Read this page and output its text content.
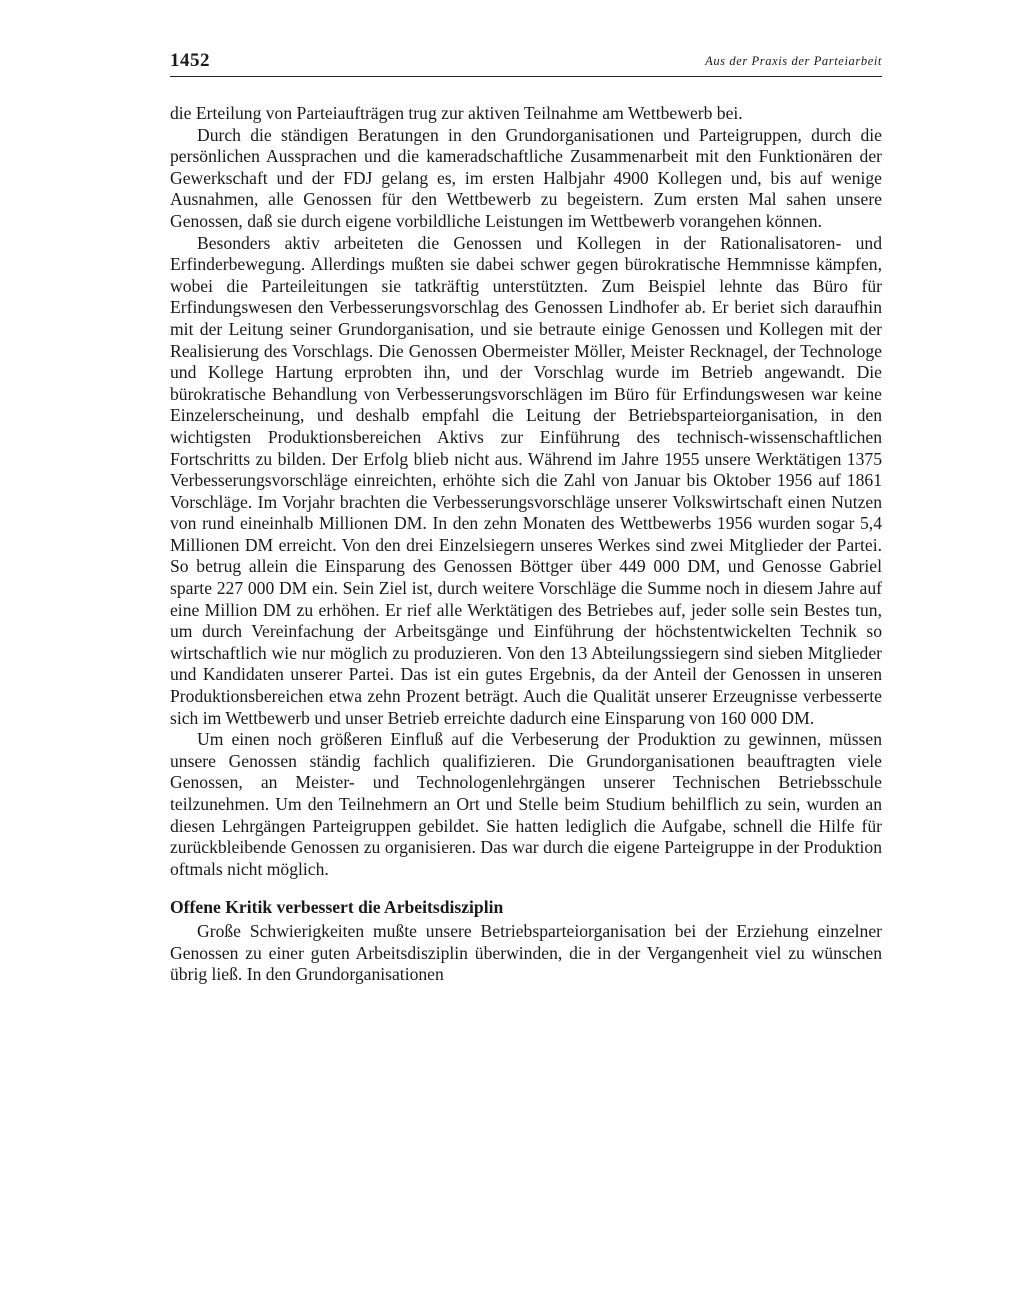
1452	Aus der Praxis der Parteiarbeit

die Erteilung von Parteiaufträgen trug zur aktiven Teilnahme am Wettbewerb bei.

Durch die ständigen Beratungen in den Grundorganisationen und Parteigruppen, durch die persönlichen Aussprachen und die kameradschaftliche Zusammenarbeit mit den Funktionären der Gewerkschaft und der FDJ gelang es, im ersten Halbjahr 4900 Kollegen und, bis auf wenige Ausnahmen, alle Genossen für den Wettbewerb zu begeistern. Zum ersten Mal sahen unsere Genossen, daß sie durch eigene vorbildliche Leistungen im Wettbewerb vorangehen können.

Besonders aktiv arbeiteten die Genossen und Kollegen in der Rationalisatoren- und Erfinderbewegung. Allerdings mußten sie dabei schwer gegen bürokratische Hemmnisse kämpfen, wobei die Parteileitungen sie tatkräftig unterstützten. Zum Beispiel lehnte das Büro für Erfindungswesen den Verbesserungsvorschlag des Genossen Lindhofer ab. Er beriet sich daraufhin mit der Leitung seiner Grundorganisation, und sie betraute einige Genossen und Kollegen mit der Realisierung des Vorschlags. Die Genossen Obermeister Möller, Meister Recknagel, der Technologe und Kollege Hartung erprobten ihn, und der Vorschlag wurde im Betrieb angewandt. Die bürokratische Behandlung von Verbesserungsvorschlägen im Büro für Erfindungswesen war keine Einzelerscheinung, und deshalb empfahl die Leitung der Betriebsparteiorganisation, in den wichtigsten Produktionsbereichen Aktivs zur Einführung des technisch-wissenschaftlichen Fortschritts zu bilden. Der Erfolg blieb nicht aus. Während im Jahre 1955 unsere Werktätigen 1375 Verbesserungsvorschläge einreichten, erhöhte sich die Zahl von Januar bis Oktober 1956 auf 1861 Vorschläge. Im Vorjahr brachten die Verbesserungsvorschläge unserer Volkswirtschaft einen Nutzen von rund eineinhalb Millionen DM. In den zehn Monaten des Wettbewerbs 1956 wurden sogar 5,4 Millionen DM erreicht. Von den drei Einzelsiegern unseres Werkes sind zwei Mitglieder der Partei. So betrug allein die Einsparung des Genossen Böttger über 449 000 DM, und Genosse Gabriel sparte 227 000 DM ein. Sein Ziel ist, durch weitere Vorschläge die Summe noch in diesem Jahre auf eine Million DM zu erhöhen. Er rief alle Werktätigen des Betriebes auf, jeder solle sein Bestes tun, um durch Vereinfachung der Arbeitsgänge und Einführung der höchstentwickelten Technik so wirtschaftlich wie nur möglich zu produzieren. Von den 13 Abteilungssiegern sind sieben Mitglieder und Kandidaten unserer Partei. Das ist ein gutes Ergebnis, da der Anteil der Genossen in unseren Produktionsbereichen etwa zehn Prozent beträgt. Auch die Qualität unserer Erzeugnisse verbesserte sich im Wettbewerb und unser Betrieb erreichte dadurch eine Einsparung von 160 000 DM.

Um einen noch größeren Einfluß auf die Verbeserung der Produktion zu gewinnen, müssen unsere Genossen ständig fachlich qualifizieren. Die Grundorganisationen beauftragten viele Genossen, an Meister- und Technologenlehrgängen unserer Technischen Betriebsschule teilzunehmen. Um den Teilnehmern an Ort und Stelle beim Studium behilflich zu sein, wurden an diesen Lehrgängen Parteigruppen gebildet. Sie hatten lediglich die Aufgabe, schnell die Hilfe für zurückbleibende Genossen zu organisieren. Das war durch die eigene Parteigruppe in der Produktion oftmals nicht möglich.

Offene Kritik verbessert die Arbeitsdisziplin

Große Schwierigkeiten mußte unsere Betriebsparteiorganisation bei der Erziehung einzelner Genossen zu einer guten Arbeitsdisziplin überwinden, die in der Vergangenheit viel zu wünschen übrig ließ. In den Grundorganisationen
